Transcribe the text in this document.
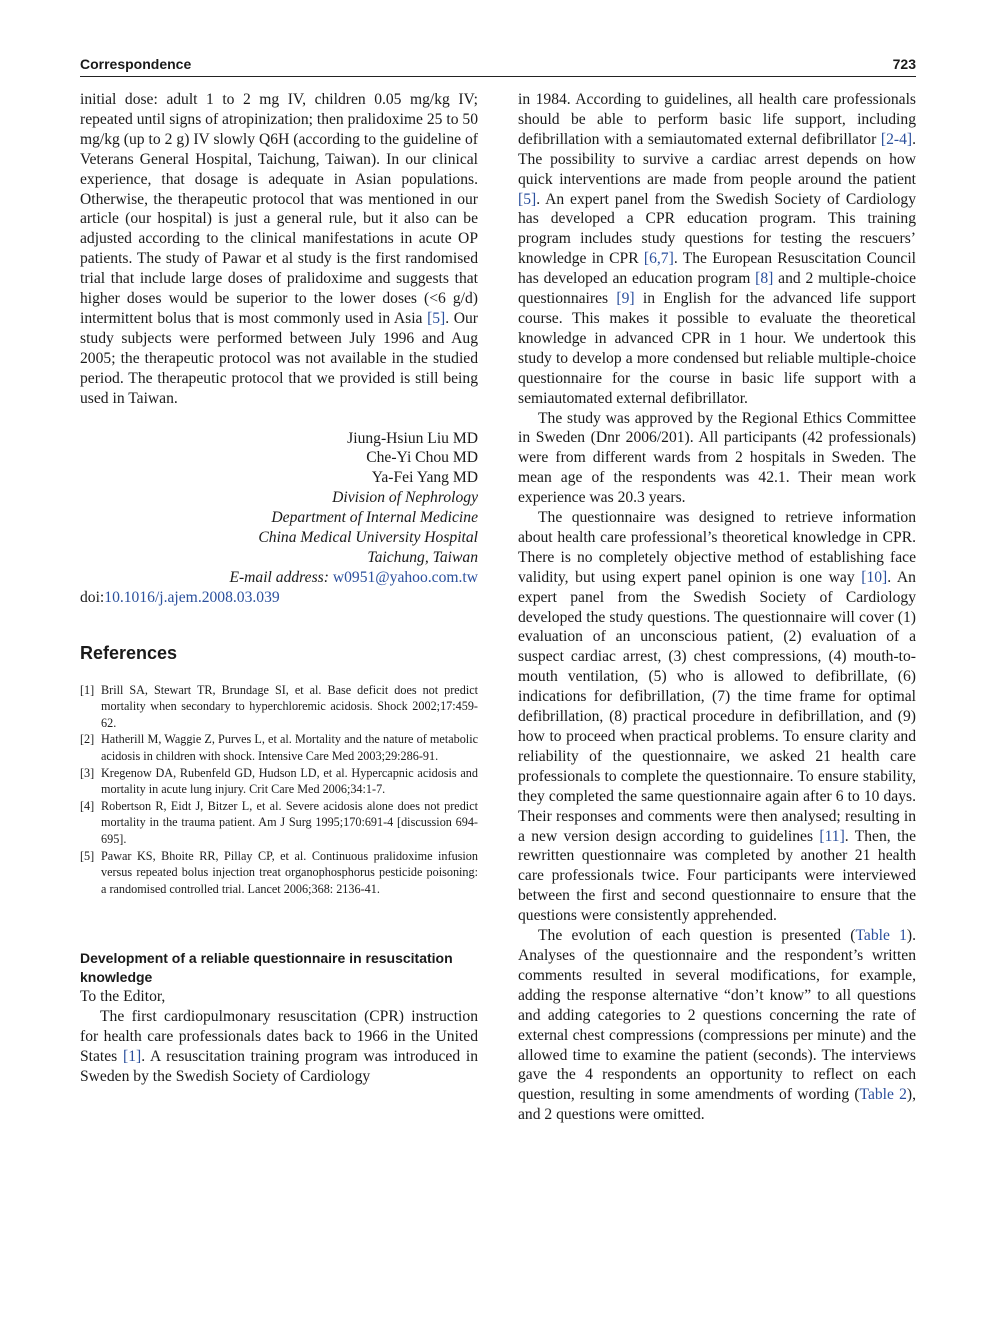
Correspondence	723

initial dose: adult 1 to 2 mg IV, children 0.05 mg/kg IV; repeated until signs of atropinization; then pralidoxime 25 to 50 mg/kg (up to 2 g) IV slowly Q6H (according to the guideline of Veterans General Hospital, Taichung, Taiwan). In our clinical experience, that dosage is adequate in Asian populations. Otherwise, the therapeutic protocol that was mentioned in our article (our hospital) is just a general rule, but it also can be adjusted according to the clinical manifestations in acute OP patients. The study of Pawar et al study is the first randomised trial that include large doses of pralidoxime and suggests that higher doses would be superior to the lower doses (<6 g/d) intermittent bolus that is most commonly used in Asia [5]. Our study subjects were performed between July 1996 and Aug 2005; the therapeutic protocol was not available in the studied period. The therapeutic protocol that we provided is still being used in Taiwan.

Jiung-Hsiun Liu MD
Che-Yi Chou MD
Ya-Fei Yang MD
Division of Nephrology
Department of Internal Medicine
China Medical University Hospital
Taichung, Taiwan
E-mail address: w0951@yahoo.com.tw

doi:10.1016/j.ajem.2008.03.039

References
[1] Brill SA, Stewart TR, Brundage SI, et al. Base deficit does not predict mortality when secondary to hyperchloremic acidosis. Shock 2002;17:459-62.
[2] Hatherill M, Waggie Z, Purves L, et al. Mortality and the nature of metabolic acidosis in children with shock. Intensive Care Med 2003;29:286-91.
[3] Kregenow DA, Rubenfeld GD, Hudson LD, et al. Hypercapnic acidosis and mortality in acute lung injury. Crit Care Med 2006;34:1-7.
[4] Robertson R, Eidt J, Bitzer L, et al. Severe acidosis alone does not predict mortality in the trauma patient. Am J Surg 1995;170:691-4 [discussion 694-695].
[5] Pawar KS, Bhoite RR, Pillay CP, et al. Continuous pralidoxime infusion versus repeated bolus injection treat organophosphorus pesticide poisoning: a randomised controlled trial. Lancet 2006;368: 2136-41.
Development of a reliable questionnaire in resuscitation knowledge

To the Editor,

The first cardiopulmonary resuscitation (CPR) instruction for health care professionals dates back to 1966 in the United States [1]. A resuscitation training program was introduced in Sweden by the Swedish Society of Cardiology

in 1984. According to guidelines, all health care professionals should be able to perform basic life support, including defibrillation with a semiautomated external defibrillator [2-4]. The possibility to survive a cardiac arrest depends on how quick interventions are made from people around the patient [5]. An expert panel from the Swedish Society of Cardiology has developed a CPR education program. This training program includes study questions for testing the rescuers’ knowledge in CPR [6,7]. The European Resuscitation Council has developed an education program [8] and 2 multiple-choice questionnaires [9] in English for the advanced life support course. This makes it possible to evaluate the theoretical knowledge in advanced CPR in 1 hour. We undertook this study to develop a more condensed but reliable multiple-choice questionnaire for the course in basic life support with a semiautomated external defibrillator.

The study was approved by the Regional Ethics Committee in Sweden (Dnr 2006/201). All participants (42 professionals) were from different wards from 2 hospitals in Sweden. The mean age of the respondents was 42.1. Their mean work experience was 20.3 years.

The questionnaire was designed to retrieve information about health care professional’s theoretical knowledge in CPR. There is no completely objective method of establishing face validity, but using expert panel opinion is one way [10]. An expert panel from the Swedish Society of Cardiology developed the study questions. The questionnaire will cover (1) evaluation of an unconscious patient, (2) evaluation of a suspect cardiac arrest, (3) chest compressions, (4) mouth-to-mouth ventilation, (5) who is allowed to defibrillate, (6) indications for defibrillation, (7) the time frame for optimal defibrillation, (8) practical procedure in defibrillation, and (9) how to proceed when practical problems. To ensure clarity and reliability of the questionnaire, we asked 21 health care professionals to complete the questionnaire. To ensure stability, they completed the same questionnaire again after 6 to 10 days. Their responses and comments were then analysed; resulting in a new version design according to guidelines [11]. Then, the rewritten questionnaire was completed by another 21 health care professionals twice. Four participants were interviewed between the first and second questionnaire to ensure that the questions were consistently apprehended.

The evolution of each question is presented (Table 1). Analyses of the questionnaire and the respondent’s written comments resulted in several modifications, for example, adding the response alternative “don’t know” to all questions and adding categories to 2 questions concerning the rate of external chest compressions (compressions per minute) and the allowed time to examine the patient (seconds). The interviews gave the 4 respondents an opportunity to reflect on each question, resulting in some amendments of wording (Table 2), and 2 questions were omitted.
